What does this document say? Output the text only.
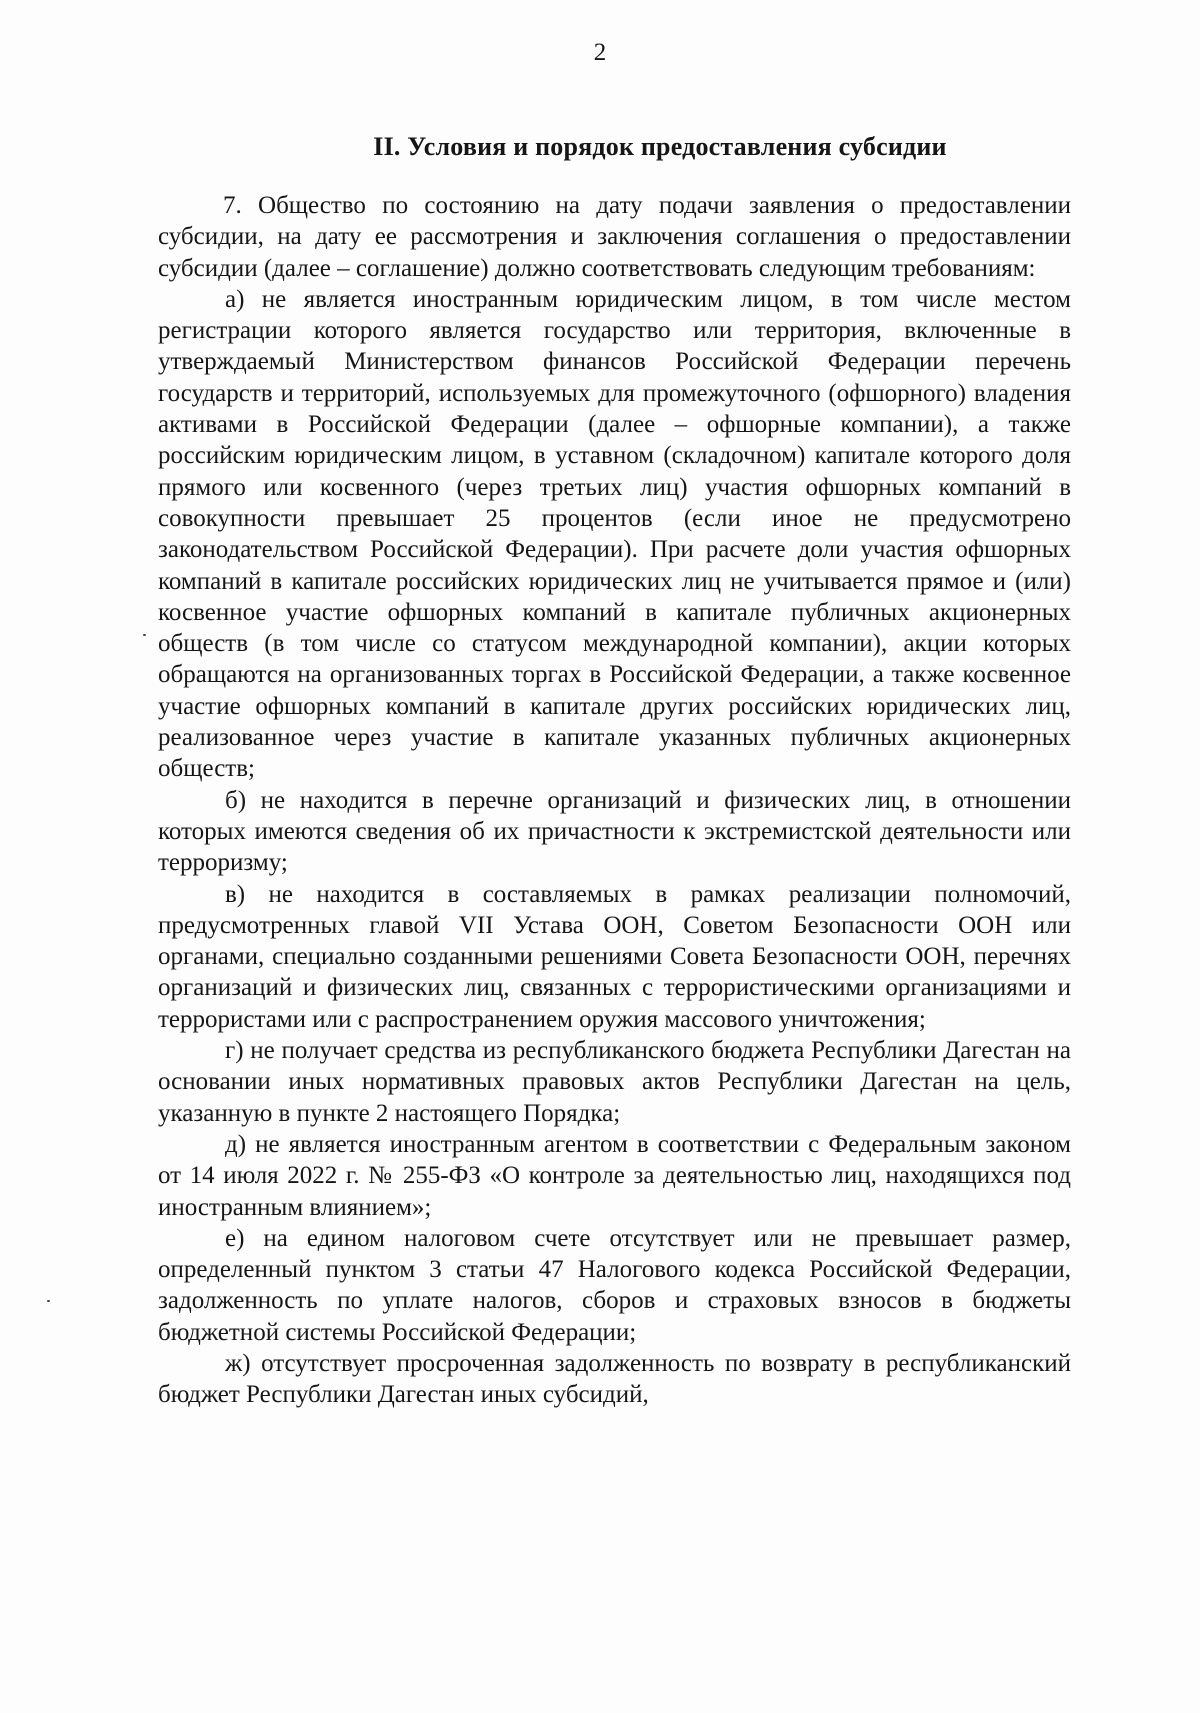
2
II. Условия и порядок предоставления субсидии

7. Общество по состоянию на дату подачи заявления о предоставлении субсидии, на дату ее рассмотрения и заключения соглашения о предоставлении субсидии (далее – соглашение) должно соответствовать следующим требованиям:

а) не является иностранным юридическим лицом, в том числе местом регистрации которого является государство или территория, включенные в утверждаемый Министерством финансов Российской Федерации перечень государств и территорий, используемых для промежуточного (офшорного) владения активами в Российской Федерации (далее – офшорные компании), а также российским юридическим лицом, в уставном (складочном) капитале которого доля прямого или косвенного (через третьих лиц) участия офшорных компаний в совокупности превышает 25 процентов (если иное не предусмотрено законодательством Российской Федерации). При расчете доли участия офшорных компаний в капитале российских юридических лиц не учитывается прямое и (или) косвенное участие офшорных компаний в капитале публичных акционерных обществ (в том числе со статусом международной компании), акции которых обращаются на организованных торгах в Российской Федерации, а также косвенное участие офшорных компаний в капитале других российских юридических лиц, реализованное через участие в капитале указанных публичных акционерных обществ;

б) не находится в перечне организаций и физических лиц, в отношении которых имеются сведения об их причастности к экстремистской деятельности или терроризму;

в) не находится в составляемых в рамках реализации полномочий, предусмотренных главой VII Устава ООН, Советом Безопасности ООН или органами, специально созданными решениями Совета Безопасности ООН, перечнях организаций и физических лиц, связанных с террористическими организациями и террористами или с распространением оружия массового уничтожения;

г) не получает средства из республиканского бюджета Республики Дагестан на основании иных нормативных правовых актов Республики Дагестан на цель, указанную в пункте 2 настоящего Порядка;

д) не является иностранным агентом в соответствии с Федеральным законом от 14 июля 2022 г. № 255-ФЗ «О контроле за деятельностью лиц, находящихся под иностранным влиянием»;

е) на едином налоговом счете отсутствует или не превышает размер, определенный пунктом 3 статьи 47 Налогового кодекса Российской Федерации, задолженность по уплате налогов, сборов и страховых взносов в бюджеты бюджетной системы Российской Федерации;

ж) отсутствует просроченная задолженность по возврату в республиканский бюджет Республики Дагестан иных субсидий,
